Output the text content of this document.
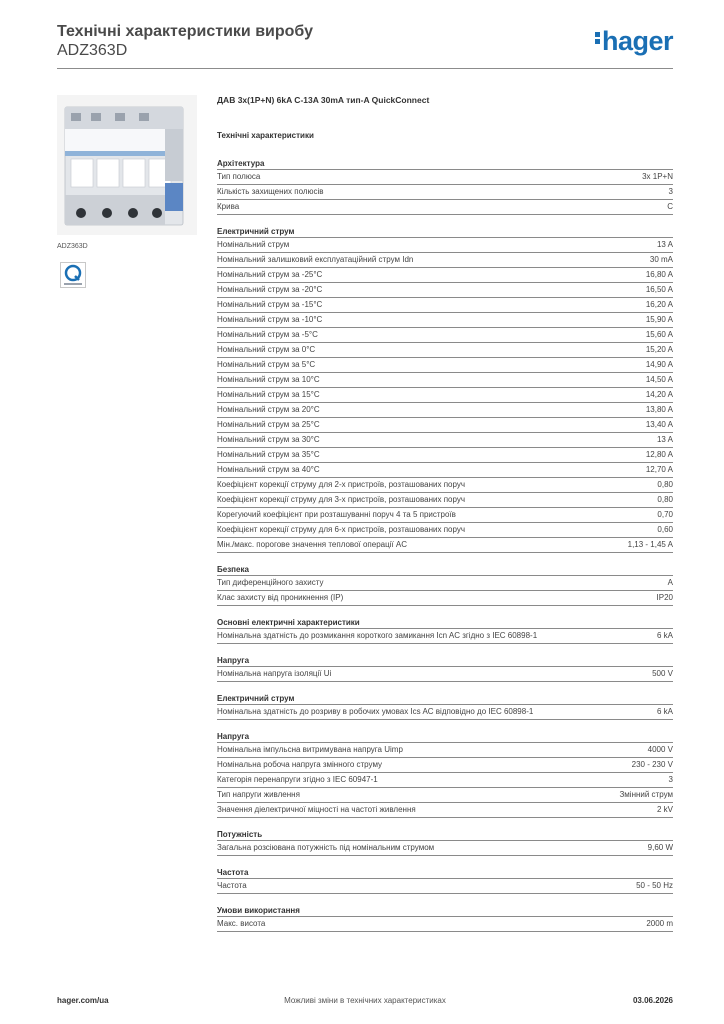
Технічні характеристики виробу
ADZ363D	hager
ADZ363D
ДАВ 3х(1P+N) 6kA C-13A 30mA тип-A QuickConnect
Технічні характеристики
Архітектура
Тип полюса	3x 1P+N
Кількість захищених полюсів	3
Крива	C
Електричний струм
Номінальний струм	13 A
Номінальний залишковий експлуатаційний струм Idn	30 mA
Номінальний струм за -25°C	16,80 A
Номінальний струм за -20°C	16,50 A
Номінальний струм за -15°C	16,20 A
Номінальний струм за -10°C	15,90 A
Номінальний струм за -5°C	15,60 A
Номінальний струм за 0°C	15,20 A
Номінальний струм за 5°C	14,90 A
Номінальний струм за 10°C	14,50 A
Номінальний струм за 15°C	14,20 A
Номінальний струм за 20°C	13,80 A
Номінальний струм за 25°C	13,40 A
Номінальний струм за 30°C	13 A
Номінальний струм за 35°C	12,80 A
Номінальний струм за 40°C	12,70 A
Коефіцієнт корекції струму для 2-х пристроїв, розташованих поруч	0,80
Коефіцієнт корекції струму для 3-х пристроїв, розташованих поруч	0,80
Корегуючий коефіцієнт при розташуванні поруч 4 та 5 пристроїв	0,70
Коефіцієнт корекції струму для 6-х пристроїв, розташованих поруч	0,60
Мін./макс. порогове значення теплової операції AC	1,13 - 1,45 A
Безпека
Тип диференційного захисту	A
Клас захисту від проникнення (IP)	IP20
Основні електричні характеристики
Номінальна здатність до розмикання короткого замикання Icn AC згідно з IEC 60898-1	6 kA
Напруга
Номінальна напруга ізоляції Ui	500 V
Електричний струм
Номінальна здатність до розриву в робочих умовах Ics AC відповідно до IEC 60898-1	6 kA
Напруга
Номінальна імпульсна витримувана напруга Uimp	4000 V
Номінальна робоча напруга змінного струму	230 - 230 V
Категорія перенапруги згідно з IEC 60947-1	3
Тип напруги живлення	Змінний струм
Значення діелектричної міцності на частоті живлення	2 kV
Потужність
Загальна розсіювана потужність під номінальним струмом	9,60 W
Частота
Частота	50 - 50 Hz
Умови використання
Макс. висота	2000 m
hager.com/ua	Можливі зміни в технічних характеристиках	03.06.2026
